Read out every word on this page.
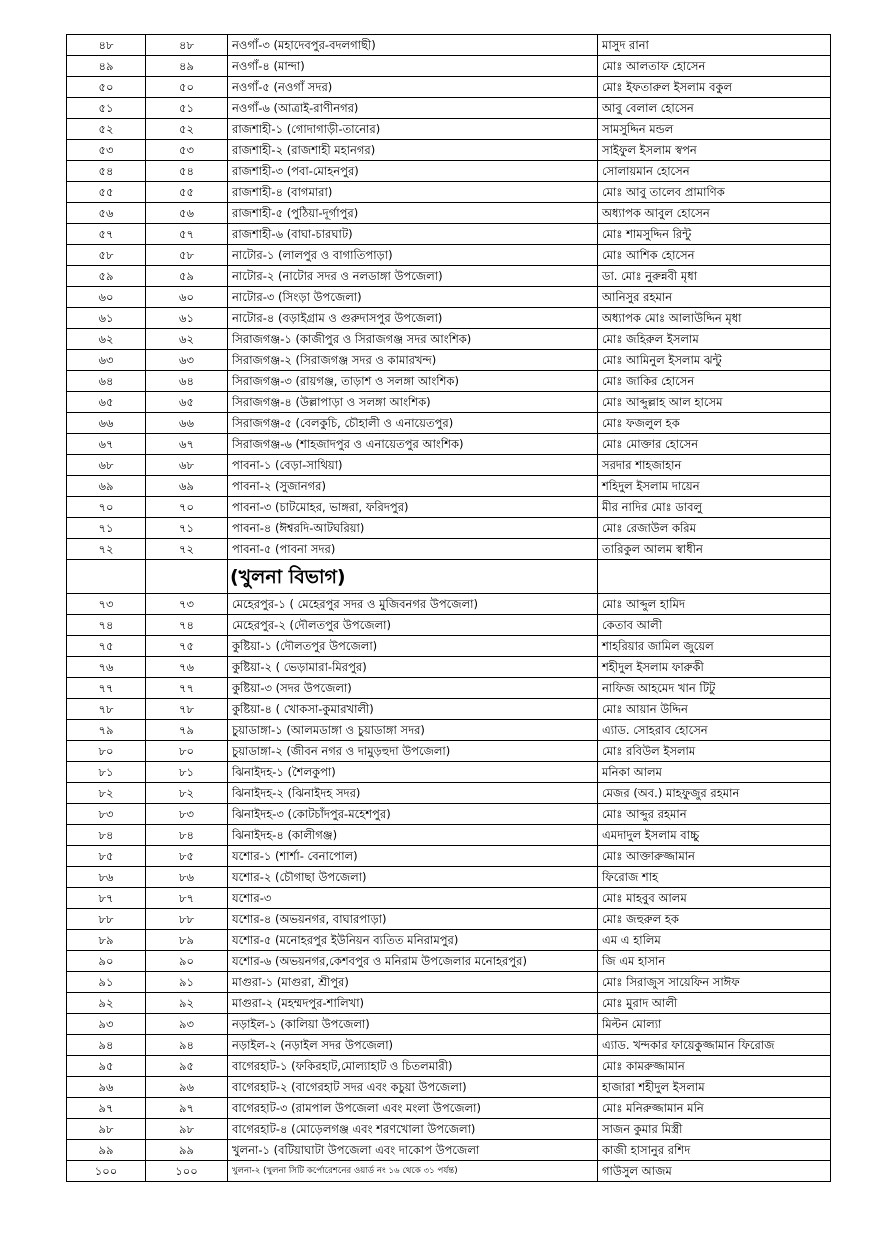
৪৮	৪৮	নওগাঁ-৩ (মহাদেবপুর-বদলগাছী)	মাসুদ রানা
৪৯	৪৯	নওগাঁ-৪ (মান্দা)	মোঃ আলতাফ হোসেন
৫০	৫০	নওগাঁ-৫ (নওগাঁ সদর)	মোঃ ইফতারুল ইসলাম বকুল
৫১	৫১	নওগাঁ-৬ (আত্রাই-রাণীনগর)	আবু বেলাল হোসেন
৫২	৫২	রাজশাহী-১ (গোদাগাড়ী-তানোর)	সামসুদ্দিন মন্ডল
৫৩	৫৩	রাজশাহী-২ (রাজশাহী মহানগর)	সাইফুল ইসলাম স্বপন
৫৪	৫৪	রাজশাহী-৩ (পবা-মোহনপুর)	সোলায়মান হোসেন
৫৫	৫৫	রাজশাহী-৪ (বাগমারা)	মোঃ আবু তালেব প্রামাণিক
৫৬	৫৬	রাজশাহী-৫ (পুঠিয়া-দূর্গাপুর)	অধ্যাপক আবুল হোসেন
৫৭	৫৭	রাজশাহী-৬ (বাঘা-চারঘাট)	মোঃ শামসুদ্দিন রিন্টু
৫৮	৫৮	নাটোর-১ (লালপুর ও বাগাতিপাড়া)	মোঃ আশিক হোসেন
৫৯	৫৯	নাটোর-২ (নাটোর সদর ও নলডাঙ্গা উপজেলা)	ডা. মোঃ নুরুন্নবী মৃধা
৬০	৬০	নাটোর-৩ (সিংড়া উপজেলা)	আনিসুর রহমান
৬১	৬১	নাটোর-৪ (বড়াইগ্রাম ও গুরুদাসপুর উপজেলা)	অধ্যাপক মোঃ আলাউদ্দিন মৃধা
৬২	৬২	সিরাজগঞ্জ-১ (কাজীপুর ও সিরাজগঞ্জ সদর আংশিক)	মোঃ জহিরুল ইসলাম
৬৩	৬৩	সিরাজগঞ্জ-২ (সিরাজগঞ্জ সদর ও কামারখন্দ)	মোঃ আমিনুল ইসলাম ঝন্টু
৬৪	৬৪	সিরাজগঞ্জ-৩ (রায়গঞ্জ, তাড়াশ ও সলঙ্গা আংশিক)	মোঃ জাকির হোসেন
৬৫	৬৫	সিরাজগঞ্জ-৪ (উল্লাপাড়া ও সলঙ্গা আংশিক)	মোঃ আব্দুল্লাহ আল হাসেম
৬৬	৬৬	সিরাজগঞ্জ-৫ (বেলকুচি, চৌহালী ও এনায়েতপুর)	মোঃ ফজলুল হক
৬৭	৬৭	সিরাজগঞ্জ-৬ (শাহজাদপুর ও এনায়েতপুর আংশিক)	মোঃ মোক্তার হোসেন
৬৮	৬৮	পাবনা-১ (বেড়া-সাথিয়া)	সরদার শাহজাহান
৬৯	৬৯	পাবনা-২ (সুজানগর)	শহিদুল ইসলাম দায়েন
৭০	৭০	পাবনা-৩ (চাটমোহর, ভাঙ্গরা, ফরিদপুর)	মীর নাদির মোঃ ডাবলু
৭১	৭১	পাবনা-৪ (ঈশ্বরদি-আটঘরিয়া)	মোঃ রেজাউল করিম
৭২	৭২	পাবনা-৫ (পাবনা সদর)	তারিকুল আলম স্বাধীন
		(খুলনা বিভাগ)	
৭৩	৭৩	মেহেরপুর-১ ( মেহেরপুর সদর ও মুজিবনগর উপজেলা)	মোঃ আব্দুল হামিদ
৭৪	৭৪	মেহেরপুর-২ (দৌলতপুর উপজেলা)	কেতাব আলী
৭৫	৭৫	কুষ্টিয়া-১ (দৌলতপুর উপজেলা)	শাহরিয়ার জামিল জুয়েল
৭৬	৭৬	কুষ্টিয়া-২ ( ভেড়ামারা-মিরপুর)	শহীদুল ইসলাম ফারুকী
৭৭	৭৭	কুষ্টিয়া-৩ (সদর উপজেলা)	নাফিজ আহমেদ খান টিটু
৭৮	৭৮	কুষ্টিয়া-৪ ( খোকসা-কুমারখালী)	মোঃ আয়ান উদ্দিন
৭৯	৭৯	চুয়াডাঙ্গা-১ (আলমডাঙ্গা ও চুয়াডাঙ্গা সদর)	এ্যাড. সোহরাব হোসেন
৮০	৮০	চুয়াডাঙ্গা-২ (জীবন নগর ও দামুড়হুদা উপজেলা)	মোঃ রবিউল ইসলাম
৮১	৮১	ঝিনাইদহ-১ (শৈলকুপা)	মনিকা আলম
৮২	৮২	ঝিনাইদহ-২ (ঝিনাইদহ সদর)	মেজর (অব.) মাহফুজুর রহমান
৮৩	৮৩	ঝিনাইদহ-৩ (কোটচাঁদপুর-মহেশপুর)	মোঃ আব্দুর রহমান
৮৪	৮৪	ঝিনাইদহ-৪ (কালীগঞ্জ)	এমদাদুল ইসলাম বাচ্চু
৮৫	৮৫	যশোর-১ (শার্শা- বেনাপোল)	মোঃ আক্তারুজ্জামান
৮৬	৮৬	যশোর-২ (চৌগাছা উপজেলা)	ফিরোজ শাহ
৮৭	৮৭	যশোর-৩	মোঃ মাহবুব আলম
৮৮	৮৮	যশোর-৪ (অভয়নগর, বাঘারপাড়া)	মোঃ জহুরুল হক
৮৯	৮৯	যশোর-৫ (মনোহরপুর ইউনিয়ন ব্যতিত মনিরামপুর)	এম এ হালিম
৯০	৯০	যশোর-৬ (অভয়নগর,কেশবপুর ও মনিরাম উপজেলার মনোহরপুর)	জি এম হাসান
৯১	৯১	মাগুরা-১ (মাগুরা, শ্রীপুর)	মোঃ সিরাজুস সায়েফিন সাঈফ
৯২	৯২	মাগুরা-২ (মহম্মদপুর-শালিখা)	মোঃ মুরাদ আলী
৯৩	৯৩	নড়াইল-১ (কালিয়া উপজেলা)	মিল্টন মোল্যা
৯৪	৯৪	নড়াইল-২ (নড়াইল সদর উপজেলা)	এ্যাড. খন্দকার ফায়েকুজ্জামান ফিরোজ
৯৫	৯৫	বাগেরহাট-১ (ফকিরহাট,মোল্যাহাট ও চিতলমারী)	মোঃ কামরুজ্জামান
৯৬	৯৬	বাগেরহাট-২ (বাগেরহাট সদর এবং কচুয়া উপজেলা)	হাজারা শহীদুল ইসলাম
৯৭	৯৭	বাগেরহাট-৩ (রামপাল উপজেলা এবং মংলা উপজেলা)	মোঃ মনিরুজ্জামান মনি
৯৮	৯৮	বাগেরহাট-৪ (মোড়েলগঞ্জ এবং শরণখোলা উপজেলা)	সাজন কুমার মিস্ত্রী
৯৯	৯৯	খুলনা-১ (বটিয়াঘাটা উপজেলা এবং দাকোপ উপজেলা	কাজী হাসানুর রশিদ
১০০	১০০	খুলনা-২ (খুলনা সিটি কর্পোরেশনের ওয়ার্ড নং ১৬ থেকে ৩১ পর্যন্ত)	গাউসুল আজম
